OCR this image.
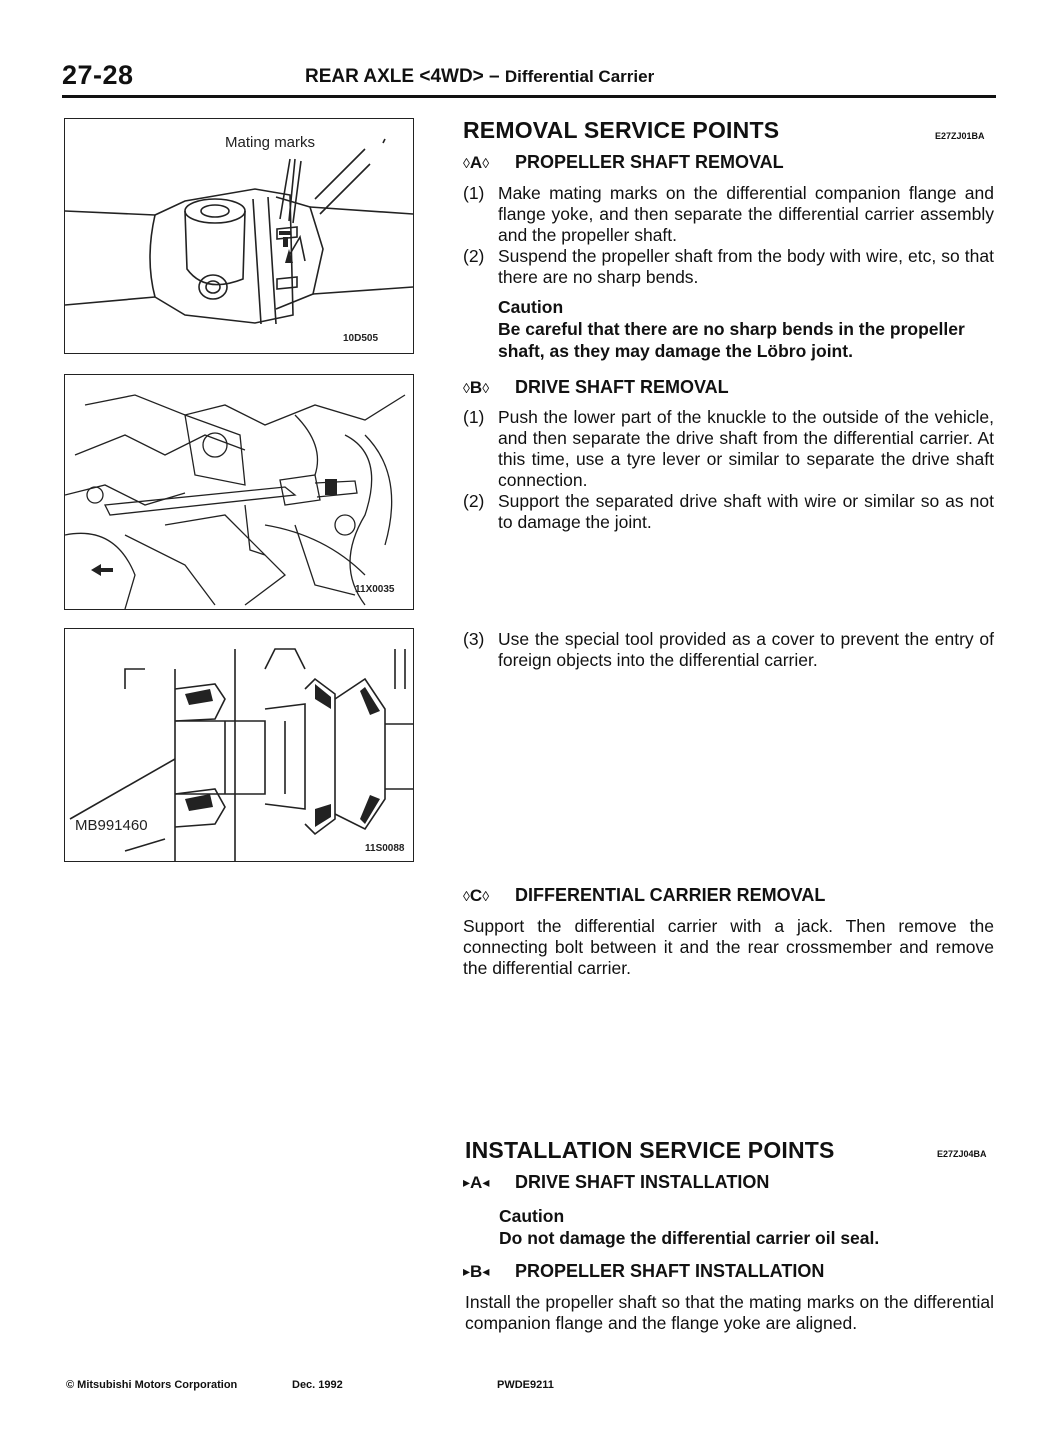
27-28	REAR AXLE <4WD> – Differential Carrier
Mating marks
10D505
11X0035
MB991460
11S0088
REMOVAL SERVICE POINTS	E27ZJ01BA
◊ A ◊ PROPELLER SHAFT REMOVAL
(1) Make mating marks on the differential companion flange and flange yoke, and then separate the differential carrier assembly and the propeller shaft.
(2) Suspend the propeller shaft from the body with wire, etc, so that there are no sharp bends.
Caution
Be careful that there are no sharp bends in the propeller shaft, as they may damage the Löbro joint.
◊ B ◊ DRIVE SHAFT REMOVAL
(1) Push the lower part of the knuckle to the outside of the vehicle, and then separate the drive shaft from the differential carrier. At this time, use a tyre lever or similar to separate the drive shaft connection.
(2) Support the separated drive shaft with wire or similar so as not to damage the joint.
(3) Use the special tool provided as a cover to prevent the entry of foreign objects into the differential carrier.
◊ C ◊ DIFFERENTIAL CARRIER REMOVAL
Support the differential carrier with a jack. Then remove the connecting bolt between it and the rear crossmember and remove the differential carrier.
INSTALLATION SERVICE POINTS	E27ZJ04BA
▸ A ◂ DRIVE SHAFT INSTALLATION
Caution
Do not damage the differential carrier oil seal.
▸ B ◂ PROPELLER SHAFT INSTALLATION
Install the propeller shaft so that the mating marks on the differential companion flange and the flange yoke are aligned.
© Mitsubishi Motors Corporation	Dec. 1992	PWDE9211
